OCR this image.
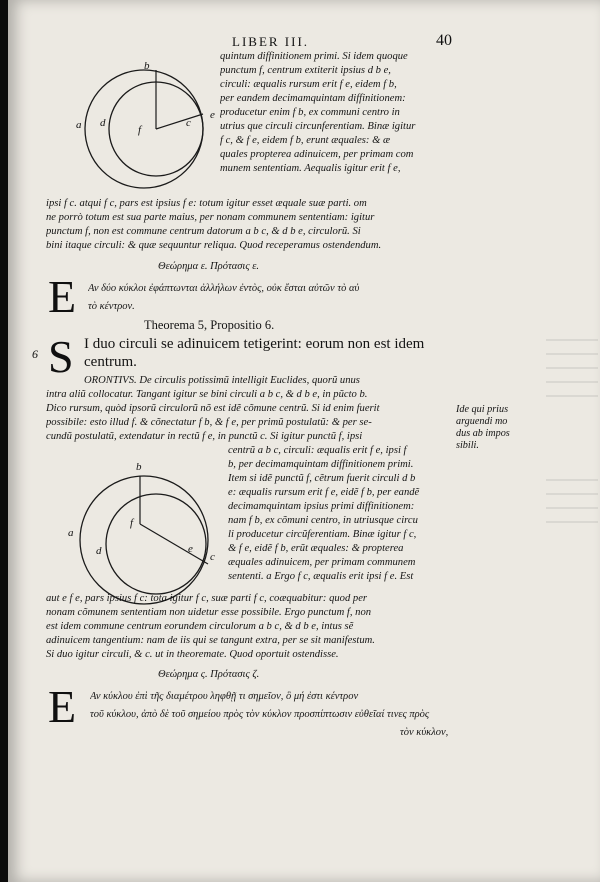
LIBER III.	40
b
a d
f
c
e
quintum diffinitionem primi. Si idem quoque
punctum f, centrum extiterit ipsius d b e,
circuli: æqualis rursum erit f e, eidem f b,
per eandem decimamquintam diffinitionem:
producetur enim f b, ex communi centro in
utrius que circuli circunferentiam. Binæ igitur
f c, & f e, eidem f b, erunt æquales: & æ
quales propterea adinuicem, per primam com
munem sententiam. Aequalis igitur erit f e,
ipsi f c. atqui f c, pars est ipsius f e: totum igitur esset æquale suæ parti. om
ne porrò totum est sua parte maius, per nonam communem sententiam: igitur
punctum f, non est commune centrum datorum a b c, & d b e, circulorũ. Si
bini itaque circuli: & quæ sequuntur reliqua. Quod receperamus ostendendum.
Θεώρημα ε. Πρότασις ε.
E Αν δύο κύκλοι ἐφάπτωνται ἀλλήλων ἐντὸς, οὐκ ἔσται αὐτῶν τὸ αὐ
τὸ κέντρον.
Theorema 5, Propositio 6.
6 S I duo circuli se adinuicem tetigerint: eorum non est idem
centrum.
ORONTIVS. De circulis potissimũ intelligit Euclides, quorũ unus
intra aliũ collocatur. Tangant igitur se bini circuli a b c, & d b e, in pũcto b.
Dico rursum, quòd ipsorũ circulorũ nõ est idẽ cõmune centrũ. Si id enim fuerit
possibile: esto illud f. & cõnectatur f b, & f e, per primũ postulatũ: & per se-
cundũ postulatũ, extendatur in rectũ f e, in punctũ c. Si igitur punctũ f, ipsi
Ide qui prius
arguendi mo
dus ab impos
sibili.
b
a
d
f
e
c
centrũ a b c, circuli: æqualis erit f e, ipsi f
b, per decimamquintam diffinitionem primi.
Item si idẽ punctũ f, cẽtrum fuerit circuli d b
e: æqualis rursum erit f e, eidẽ f b, per eandẽ
decimamquintam ipsius primi diffinitionem:
nam f b, ex cõmuni centro, in utriusque circu
li producetur circũferentiam. Binæ igitur f c,
& f e, eidẽ f b, erũt æquales: & propterea
æquales adinuicem, per primam communem
sententi. a Ergo f c, æqualis erit ipsi f e. Est
aut e f e, pars ipsius f c: tota igitur f c, suæ parti f c, coæquabitur: quod per
nonam cõmunem sententiam non uidetur esse possibile. Ergo punctum f, non
est idem commune centrum eorundem circulorum a b c, & d b e, intus sẽ
adinuicem tangentium: nam de iis qui se tangunt extra, per se sit manifestum.
Si duo igitur circuli, & c. ut in theoremate. Quod oportuit ostendisse.
Θεώρημα ς. Πρότασις ζ.
E Αν κύκλου ἐπὶ τῆς διαμέτρου ληφθῇ τι σημεῖον, ὃ μή ἐστι κέντρον
τοῦ κύκλου, ἀπὸ δὲ τοῦ σημείου πρὸς τὸν κύκλον προσπίπτωσιν εὐθεῖαί τινες πρὸς
τὸν κύκλον,
